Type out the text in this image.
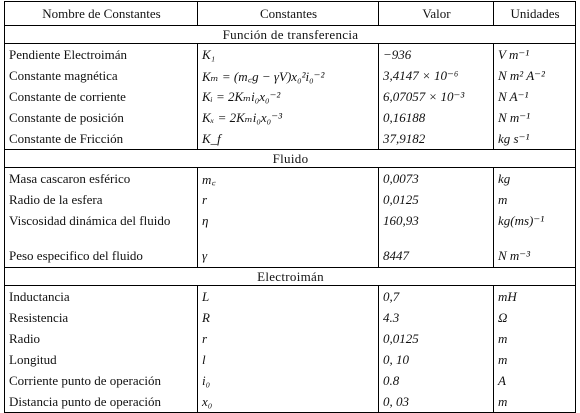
Nombre de Constantes	Constantes	Valor	Unidades
Función de transferencia			
Pendiente Electroimán	K₁	−936	V m⁻¹
Constante magnética	Kₘ = (m꜀g − γV)x₀²i₀⁻²	3,4147 × 10⁻⁶	N m² A⁻²
Constante de corriente	Kᵢ = 2Kₘi₀x₀⁻²	6,07057 × 10⁻³	N A⁻¹
Constante de posición	Kₓ = 2Kₘi₀x₀⁻³	0,16188	N m⁻¹
Constante de Fricción	K_f	37,9182	kg s⁻¹
Fluido			
Masa cascaron esférico	m꜀	0,0073	kg
Radio de la esfera	r	0,0125	m
Viscosidad dinámica del fluido	η	160,93	kg(ms)⁻¹
Peso especifico del fluido	γ	8447	N m⁻³
Electroimán			
Inductancia	L	0,7	mH
Resistencia	R	4.3	Ω
Radio	r	0,0125	m
Longitud	l	0, 10	m
Corriente punto de operación	i₀	0.8	A
Distancia punto de operación	x₀	0, 03	m
